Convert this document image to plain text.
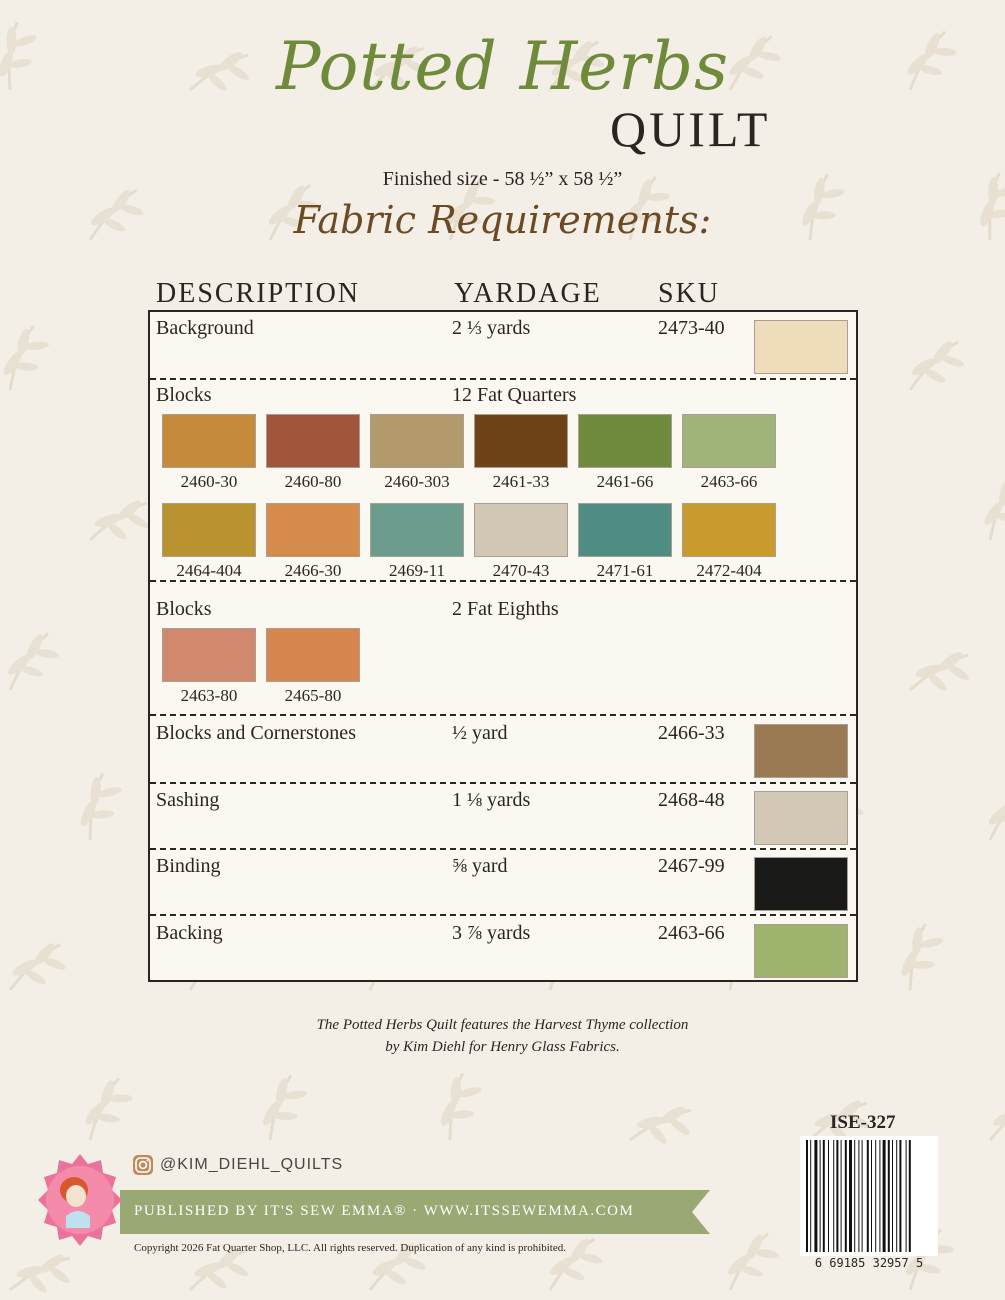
Potted Herbs
QUILT
Finished size - 58 ½” x 58 ½”
Fabric Requirements:
DESCRIPTION	YARDAGE SKU
Background	2 ⅓ yards	2473-40
Blocks	12 Fat Quarters
2460-30	2460-80	2460-303	2461-33	2461-66	2463-66
2464-404	2466-30	2469-11	2470-43	2471-61	2472-404
Blocks	2 Fat Eighths
2463-80	2465-80
Blocks and Cornerstones	½ yard	2466-33
Sashing	1 ⅛ yards	2468-48
Binding	⅝ yard	2467-99
Backing	3 ⅞ yards	2463-66
The Potted Herbs Quilt features the Harvest Thyme collection
by Kim Diehl for Henry Glass Fabrics.
ISE-327
6 69185 32957 5
@KIM_DIEHL_QUILTS
PUBLISHED BY IT'S SEW EMMA® · WWW.ITSSEWEMMA.COM
Copyright 2026 Fat Quarter Shop, LLC. All rights reserved. Duplication of any kind is prohibited.
